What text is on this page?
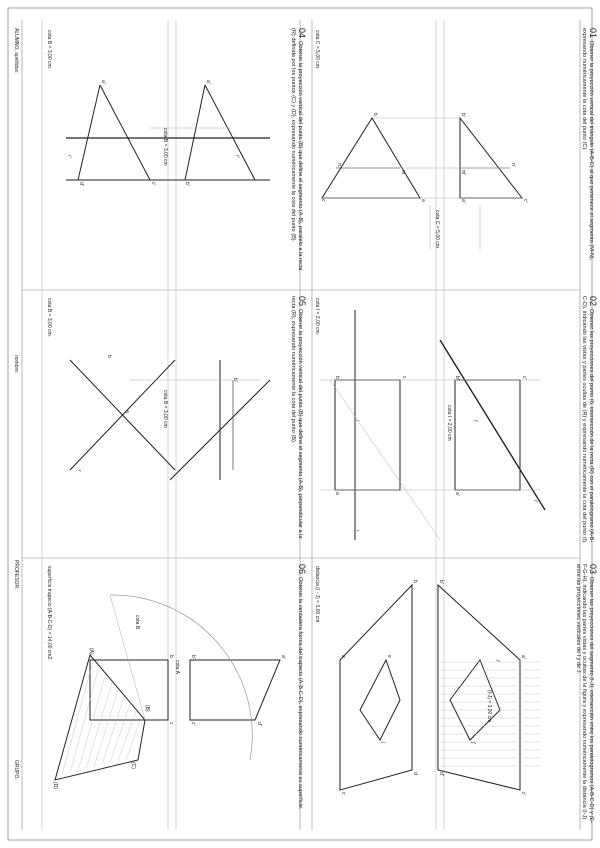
01Obtener la proyección vertical del triángulo (A-B-C) al que pertenece el segmento (M-N), expresando numéricamente la cota del punto (C).
02Obtener las proyecciones del punto (I), intersección de la recta (R) con el paralelogramo (A-B-C-D), indicando las vistas y partes ocultas de (R) y expresando numéricamente la cota del punto (I).
03Obtener las proyecciones del segmento (I-J), intersección entre los paralelogramos (A-B-C-D) y (E-F-G-H), indicando las partes vistas y ocultas de la figura y expresando numéricamente la distancia (I-J) entre las proyecciones verticales de I y de J.
04Obtener la proyección vertical del punto (B) que define el segmento (A-B), paralelo a la recta (R) definida por los puntos (C) y (D), expresando numéricamente la cota del punto (B).
05Obtener la proyección vertical del punto (B) que define el segmento (A-B), perpendicular a la recta (R), expresando numéricamente la cota del punto (B).
06Obtener la verdadera forma del trapecio (A-B-C-D), expresando numéricamente su superficie.
cota C = 5,00 cm.
cota I = 2,00 cm.
distancia (I - J) = 3,00 cm.
cota B = 3,00 cm.
cota B = 3,00 cm.
superficie trapecio (A-B-C-D) = 14,00 cm2.
ALUMNO, apellidos:
nombre:
PROFESOR:
GRUPO:
cota C = 5,00 cm
cota I = 2,00 cm
(I-J) = 3,00 cm
cota B = 3,00 cm
cota B = 3,00 cm
cota A
cota B
b'
a'	c'
m'
n'
b
c	a
n
m
b'	c'
a'
r'
i'
b	c
a
i
r
b'
a'
d'
c'
b
a
d
c
i'
j'
e
j
a'
d'	c'
r'
a'
b'
r'
b
a
r
b'
b'
c'
a'
d'
b
c
(A)
(B)
(C)
(D)
